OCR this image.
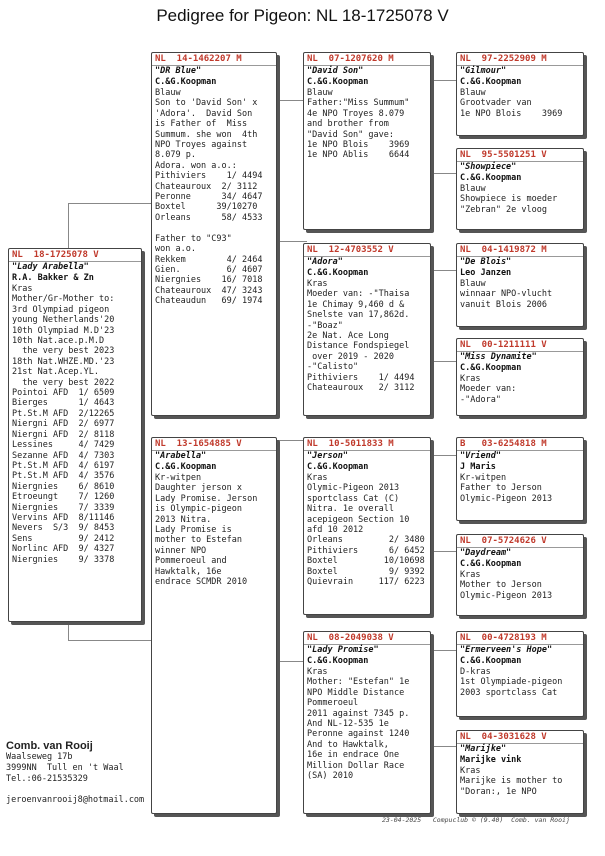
Pedigree for Pigeon: NL 18-1725078 V
NL  18-1725078 V
"Lady Arabella"
R.A. Bakker & Zn
Kras
Mother/Gr-Mother to:
3rd Olympiad pigeon
young Netherlands'20
10th Olympiad M.D'23
10th Nat.ace.p.M.D
the very best 2023
18th Nat.WHZE.MD.'23
21st Nat.Acep.YL.
the very best 2022
Pointoi AFD  1/ 6509
Bierges      1/ 4643
Pt.St.M AFD  2/12265
Niergni AFD  2/ 6977
Niergni AFD  2/ 8118
Lessines     4/ 7429
Sezanne AFD  4/ 7303
Pt.St.M AFD  4/ 6197
Pt.St.M AFD  4/ 3576
Niergnies    6/ 8610
Etroeungt    7/ 1260
Niergnies    7/ 3339
Vervins AFD  8/11146
Nevers  S/3  9/ 8453
Sens         9/ 2412
Norlinc AFD  9/ 4327
Niergnies    9/ 3378
NL  14-1462207 M
"DR Blue"
C.&G.Koopman
Blauw
Son to 'David Son' x
'Adora'.  David Son
is Father of  Miss
Summum. she won  4th
NPO Troyes against
8.079 p.
Adora. won a.o.:
Pithiviers    1/ 4494
Chateauroux  2/ 3112
Peronne      34/ 4647
Boxtel      39/10270
Orleans      58/ 4533

Father to "C93"
won a.o.
Rekkem        4/ 2464
Gien.         6/ 4607
Niergnies    16/ 7018
Chateauroux  47/ 3243
Chateaudun   69/ 1974
NL  13-1654885 V
"Arabella"
C.&G.Koopman
Kr-witpen
Daughter jerson x
Lady Promise. Jerson
is Olympic-pigeon
2013 Nitra.
Lady Promise is
mother to Estefan
winner NPO
Pommeroeul and
Hawktalk, 16e
endrace SCMDR 2010
NL  07-1207620 M
"David Son"
C.&G.Koopman
Blauw
Father:"Miss Summum"
4e NPO Troyes 8.079
and brother from
"David Son" gave:
1e NPO Blois    3969
1e NPO Ablis    6644
NL  12-4703552 V
"Adora"
C.&G.Koopman
Kras
Moeder van: -"Thaisa
1e Chimay 9,460 d &
Snelste van 17,862d.
-"Boaz"
2e Nat. Ace Long
Distance Fondspiegel
over 2019 - 2020
-"Calisto"
Pithiviers    1/ 4494
Chateauroux   2/ 3112
NL  10-5011833 M
"Jerson"
C.&G.Koopman
Kras
Olymic-Pigeon 2013
sportclass Cat (C)
Nitra. 1e overall
acepigeon Section 10
afd 10 2012
Orleans         2/ 3480
Pithiviers      6/ 6452
Boxtel         10/10698
Boxtel          9/ 9392
Quievrain     117/ 6223
NL  08-2049038 V
"Lady Promise"
C.&G.Koopman
Kras
Mother: "Estefan" 1e
NPO Middle Distance
Pommeroeul
2011 against 7345 p.
And NL-12-535 1e
Peronne against 1240
And to Hawktalk,
16e in endrace One
Million Dollar Race
(SA) 2010
NL  97-2252909 M
"Gilmour"
C.&G.Koopman
Blauw
Grootvader van
1e NPO Blois    3969
NL  95-5501251 V
"Showpiece"
C.&G.Koopman
Blauw
Showpiece is moeder
"Zebran" 2e vloog
NL  04-1419872 M
"De Blois"
Leo Janzen
Blauw
winnaar NPO-vlucht
vanuit Blois 2006
NL  00-1211111 V
"Miss Dynamite"
C.&G.Koopman
Kras
Moeder van:
-"Adora"
B   03-6254818 M
"Vriend"
J Maris
Kr-witpen
Father to Jerson
Olymic-Pigeon 2013
NL  07-5724626 V
"Daydream"
C.&G.Koopman
Kras
Mother to Jerson
Olymic-Pigeon 2013
NL  00-4728193 M
"Ermerveen's Hope"
C.&G.Koopman
D-kras
1st Olympiade-pigeon
2003 sportclass Cat
NL  04-3031628 V
"Marijke"
Marijke vink
Kras
Marijke is mother to
"Doran:, 1e NPO
Comb. van Rooij
Waalseweg 17b
3999NN  Tull en 't Waal
Tel.:06-21535329
jeroenvanrooij8@hotmail.com
23-04-2025   Compuclub © (9.40)  Comb. van Rooij
